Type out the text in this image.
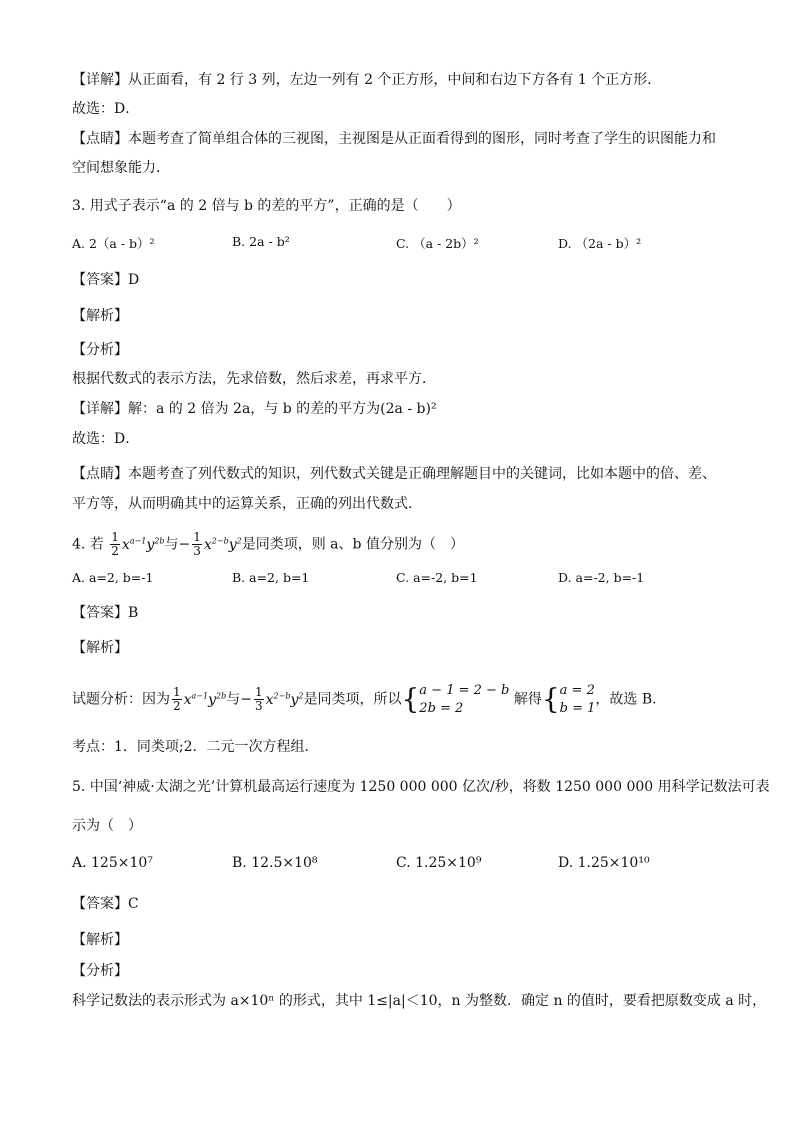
【详解】从正面看，有 2 行 3 列，左边一列有 2 个正方形，中间和右边下方各有 1 个正方形．
故选：D．
【点睛】本题考查了简单组合体的三视图，主视图是从正面看得到的图形，同时考查了学生的识图能力和
空间想象能力．
3. 用式子表示“a 的 2 倍与 b 的差的平方”，正确的是（　　）
A. 2（a - b）²	B. 2a - b²	C. （a - 2b）²	D. （2a - b）²
【答案】D
【解析】
【分析】
根据代数式的表示方法，先求倍数，然后求差，再求平方．
【详解】解：a 的 2 倍为 2a，与 b 的差的平方为(2a - b)²
故选：D．
【点睛】本题考查了列代数式的知识，列代数式关键是正确理解题目中的关键词，比如本题中的倍、差、
平方等，从而明确其中的运算关系，正确的列出代数式．
4. 若 $\frac{1}{2} x^{a-1}y^{2b}$与− $\frac{1}{3} x^{2-b}y^2$是同类项，则 a、b 值分别为（　）
A. a=2, b=-1	B. a=2, b=1	C. a=-2, b=1	D. a=-2, b=-1
【答案】B
【解析】
试题分析：因为 $\frac{1}{2} x^{a-1}y^{2b}$与− $\frac{1}{3} x^{2-b}y^2$是同类项，所以{ a − 1 = 2 − b
2b = 2
解得{ a = 2
b = 1
，故选 B．
考点：1．同类项;2．二元一次方程组．
5. 中国‘神威·太湖之光’计算机最高运行速度为 1250 000 000 亿次/秒，将数 1250 000 000 用科学记数法可表
示为（　）
A. 125×10⁷	B. 12.5×10⁸	C. 1.25×10⁹	D. 1.25×10¹⁰
【答案】C
【解析】
【分析】
科学记数法的表示形式为 a×10ⁿ 的形式，其中 1≤|a|＜10，n 为整数．确定 n 的值时，要看把原数变成 a 时，
